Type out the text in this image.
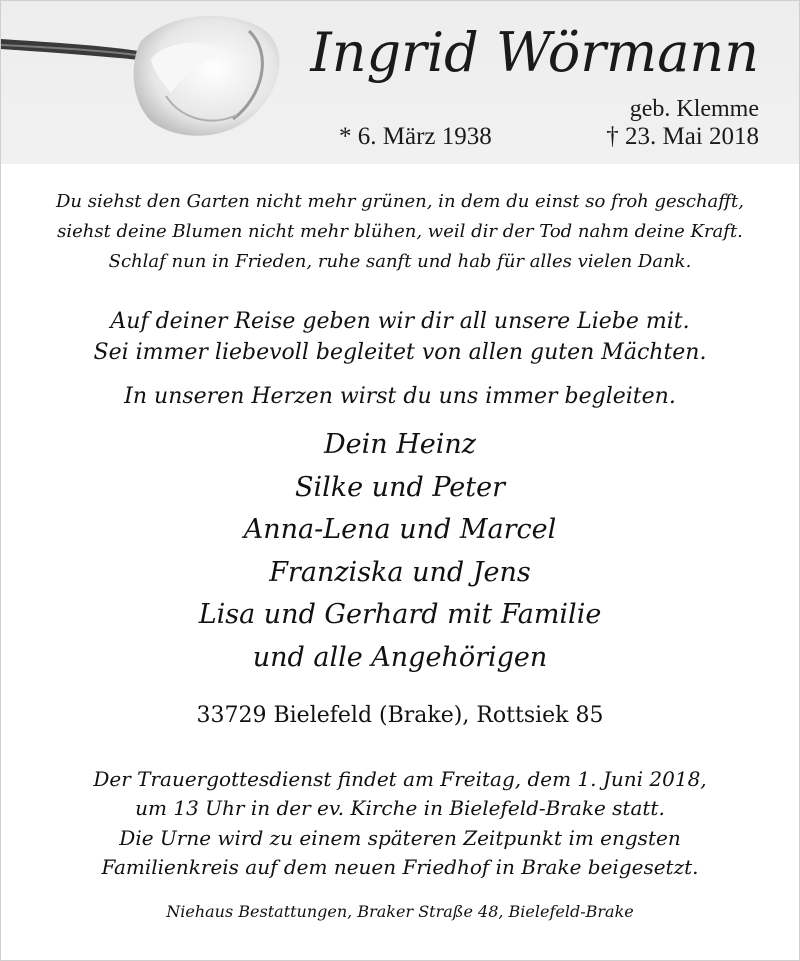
Ingrid Wörmann
geb. Klemme
* 6. März 1938	† 23. Mai 2018

Du siehst den Garten nicht mehr grünen, in dem du einst so froh geschafft,

siehst deine Blumen nicht mehr blühen, weil dir der Tod nahm deine Kraft.

Schlaf nun in Frieden, ruhe sanft und hab für alles vielen Dank.

Auf deiner Reise geben wir dir all unsere Liebe mit.

Sei immer liebevoll begleitet von allen guten Mächten.

In unseren Herzen wirst du uns immer begleiten.

Dein Heinz

Silke und Peter

Anna-Lena und Marcel

Franziska und Jens

Lisa und Gerhard mit Familie

und alle Angehörigen

33729 Bielefeld (Brake), Rottsiek 85

Der Trauergottesdienst findet am Freitag, dem 1. Juni 2018,

um 13 Uhr in der ev. Kirche in Bielefeld-Brake statt.

Die Urne wird zu einem späteren Zeitpunkt im engsten

Familienkreis auf dem neuen Friedhof in Brake beigesetzt.

Niehaus Bestattungen, Braker Straße 48, Bielefeld-Brake
